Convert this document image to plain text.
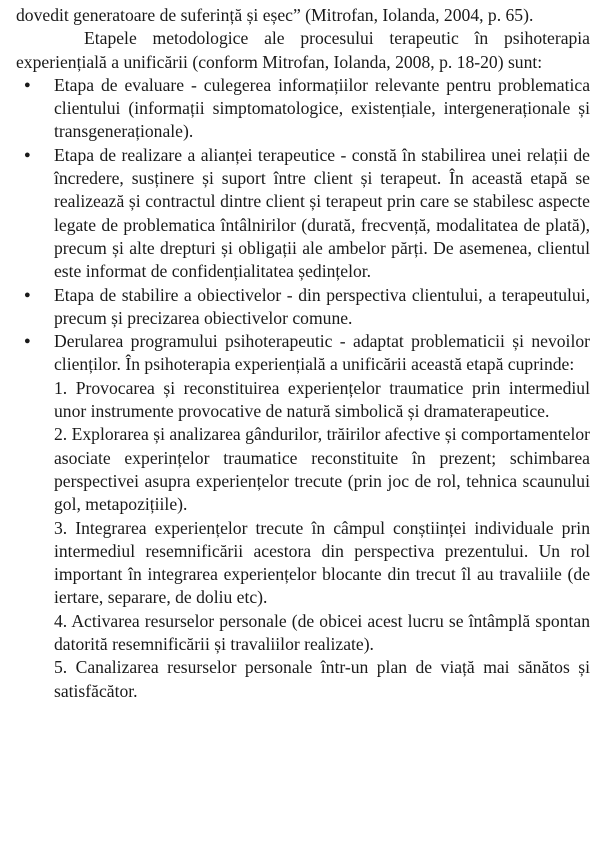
dovedit generatoare de suferință și eșec” (Mitrofan, Iolanda, 2004, p. 65).

Etapele metodologice ale procesului terapeutic în psihoterapia experiențială a unificării (conform Mitrofan, Iolanda, 2008, p. 18-20) sunt:

● Etapa de evaluare - culegerea informațiilor relevante pentru problematica clientului (informații simptomatologice, existențiale, intergeneraționale și transgeneraționale).
● Etapa de realizare a alianței terapeutice - constă în stabilirea unei relații de încredere, susținere și suport între client și terapeut. În această etapă se realizează și contractul dintre client și terapeut prin care se stabilesc aspecte legate de problematica întâlnirilor (durată, frecvență, modalitatea de plată), precum și alte drepturi și obligații ale ambelor părți. De asemenea, clientul este informat de confidențialitatea ședințelor.
● Etapa de stabilire a obiectivelor - din perspectiva clientului, a terapeutului, precum și precizarea obiectivelor comune.

● Derularea programului psihoterapeutic - adaptat problematicii și nevoilor clienților. În psihoterapia experiențială a unificării această etapă cuprinde:

1. Provocarea și reconstituirea experiențelor traumatice prin intermediul unor instrumente provocative de natură simbolică și dramaterapeutice.

2. Explorarea și analizarea gândurilor, trăirilor afective și comportamentelor asociate experințelor traumatice reconstituite în prezent; schimbarea perspectivei asupra experiențelor trecute (prin joc de rol, tehnica scaunului gol, metapozițiile).

3. Integrarea experiențelor trecute în câmpul conștiinței individuale prin intermediul resemnificării acestora din perspectiva prezentului. Un rol important în integrarea experiențelor blocante din trecut îl au travaliile (de iertare, separare, de doliu etc).

4. Activarea resurselor personale (de obicei acest lucru se întâmplă spontan datorită resemnificării și travaliilor realizate).

5. Canalizarea resurselor personale într-un plan de viață mai sănătos și satisfăcător.
